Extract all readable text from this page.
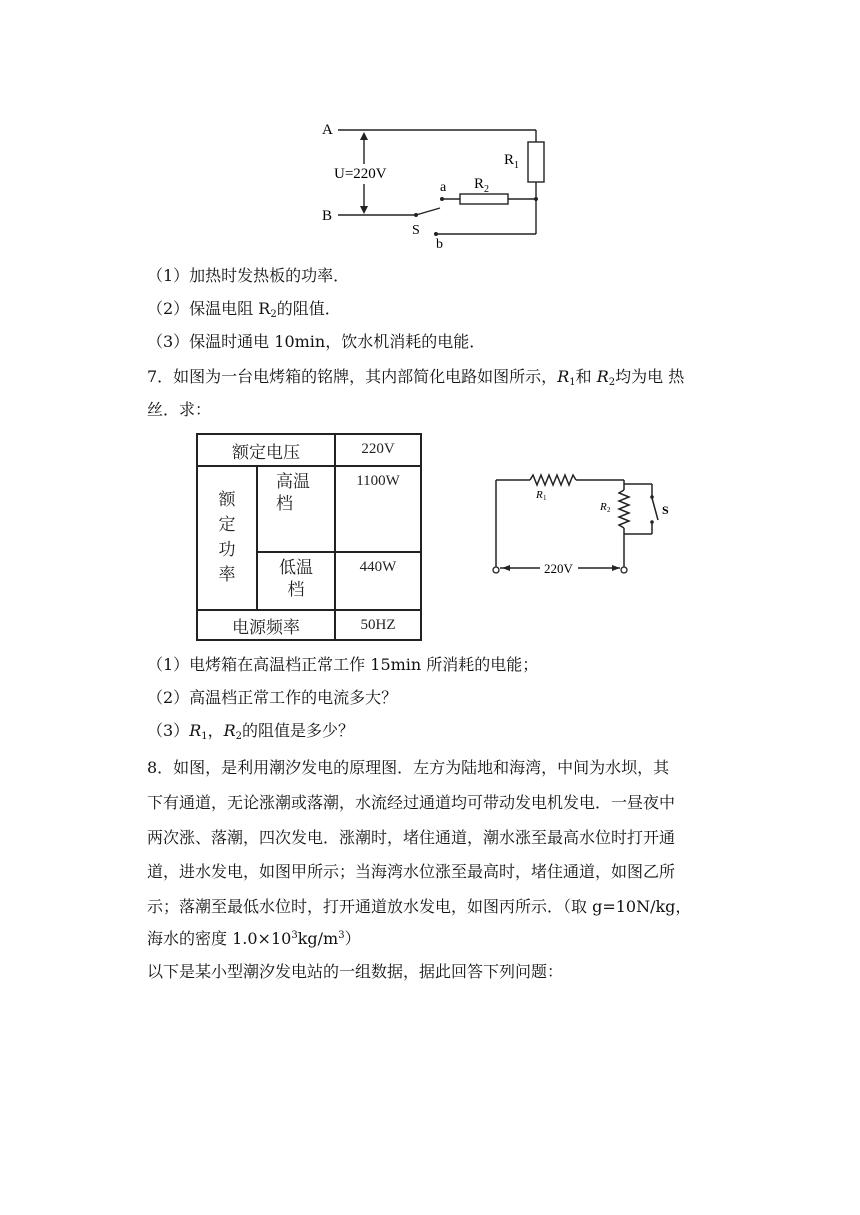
A
B
U=220V
R 1
R 2
a
b
S
（1）加热时发热板的功率．
（2）保温电阻 $R_2$的阻值．
（3）保温时通电 10min，饮水机消耗的电能．
7．如图为一台电烤箱的铭牌，其内部简化电路如图所示，$R_1$和 $R_2$均为电 热
丝．求：
额定电压		220V

额定功率	高温档	1100W

	低温档	440W
电源频率		50HZ
R 1
R 2	S
220V
（1）电烤箱在高温档正常工作 15min 所消耗的电能；
（2）高温档正常工作的电流多大？
$(3)R_1$，$R_2$的阻值是多少？
8．如图，是利用潮汐发电的原理图．左方为陆地和海湾，中间为水坝，其
下有通道，无论涨潮或落潮，水流经过通道均可带动发电机发电．一昼夜中
两次涨、落潮，四次发电．涨潮时，堵住通道，潮水涨至最高水位时打开通
道，进水发电，如图甲所示；当海湾水位涨至最高时，堵住通道，如图乙所
示；落潮至最低水位时，打开通道放水发电，如图丙所示．（取 g=10N/kg，
海水的密度 $1.0\times 10^3kg/m^3$）
以下是某小型潮汐发电站的一组数据，据此回答下列问题：
